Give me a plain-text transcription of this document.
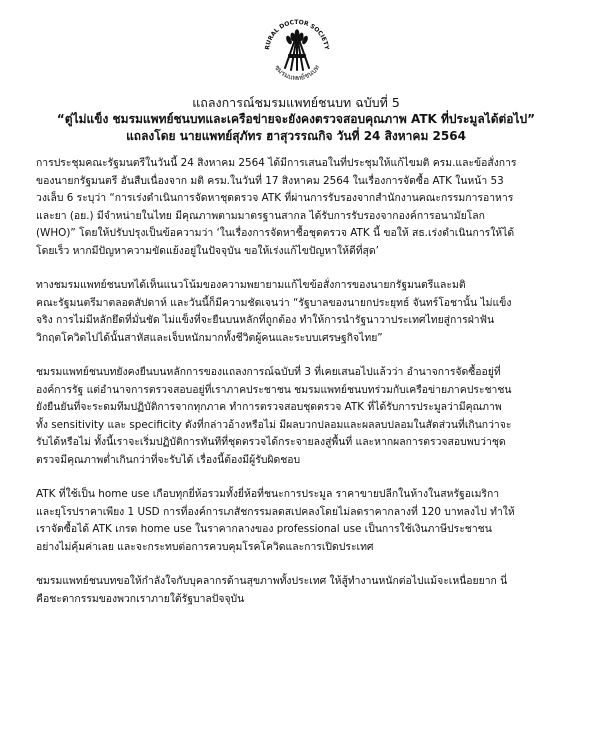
RURAL DOCTOR SOCIETY
ชมรมแพทย์ชนบท
แถลงการณ์ชมรมแพทย์ชนบท ฉบับที่ 5
“ตู่ไม่แข็ง ชมรมแพทย์ชนบทและเครือข่ายจะยังคงตรวจสอบคุณภาพ ATK ที่ประมูลได้ต่อไป”
แถลงโดย นายแพทย์สุภัทร ฮาสุวรรณกิจ วันที่ 24 สิงหาคม 2564

การประชุมคณะรัฐมนตรีในวันนี้ 24 สิงหาคม 2564 ได้มีการเสนอในที่ประชุมให้แก้ไขมติ ครม.และข้อสั่งการ
ของนายกรัฐมนตรี อันสืบเนื่องจาก มติ ครม.ในวันที่ 17 สิงหาคม 2564 ในเรื่องการจัดซื้อ ATK ในหน้า 53
วงเล็บ 6 ระบุว่า “การเร่งดำเนินการจัดหาชุดตรวจ ATK ที่ผ่านการรับรองจากสำนักงานคณะกรรมการอาหาร
และยา (อย.) มีจำหน่ายในไทย มีคุณภาพตามมาตรฐานสากล ได้รับการรับรองจากองค์การอนามัยโลก
(WHO)” โดยให้ปรับปรุงเป็นข้อความว่า ‘ในเรื่องการจัดหาชื้อชุดตรวจ ATK นี้ ขอให้ สธ.เร่งดำเนินการให้ได้
โดยเร็ว หากมีปัญหาความขัดแย้งอยู่ในปัจจุบัน ขอให้เร่งแก้ไขปัญหาให้ดีที่สุด’

ทางชมรมแพทย์ชนบทได้เห็นแนวโน้มของความพยายามแก้ไขข้อสั่งการของนายกรัฐมนตรีและมติ
คณะรัฐมนตรีมาตลอดสัปดาห์ และวันนี้ก็มีความชัดเจนว่า “รัฐบาลของนายกประยุทธ์ จันทร์โอชานั้น ไม่แข็ง
จริง การไม่มีหลักยึดที่มั่นชัด ไม่แข็งที่จะยืนบนหลักที่ถูกต้อง ทำให้การนำรัฐนาวาประเทศไทยสู่การฝ่าฟัน
วิกฤตโควิดไปได้นั้นสาหัสและเจ็บหนักมากทั้งชีวิตผู้คนและระบบเศรษฐกิจไทย”

ชมรมแพทย์ชนบทยังคงยืนบนหลักการของแถลงการณ์ฉบับที่ 3 ที่เคยเสนอไปแล้วว่า อำนาจการจัดซื้ออยู่ที่
องค์การรัฐ แต่อำนาจการตรวจสอบอยู่ที่เราภาคประชาชน ชมรมแพทย์ชนบทร่วมกับเครือข่ายภาคประชาชน
ยังยืนยันที่จะระดมทีมปฏิบัติการจากทุกภาค ทำการตรวจสอบชุดตรวจ ATK ที่ได้รับการประมูลว่ามีคุณภาพ
ทั้ง sensitivity และ specificity ดังที่กล่าวอ้างหรือไม่ มีผลบวกปลอมและผลลบปลอมในสัดส่วนที่เกินกว่าจะ
รับได้หรือไม่ ทั้งนี้เราจะเริ่มปฏิบัติการทันทีที่ชุดตรวจได้กระจายลงสู่พื้นที่ และหากผลการตรวจสอบพบว่าชุด
ตรวจมีคุณภาพต่ำเกินกว่าที่จะรับได้ เรื่องนี้ต้องมีผู้รับผิดชอบ

ATK ที่ใช้เป็น home use เกือบทุกยี่ห้อรวมทั้งยี่ห้อที่ชนะการประมูล ราคาขายปลีกในห้างในสหรัฐอเมริกา
และยุโรปราคาเพียง 1 USD การที่องค์การเภสัชกรรมลดสเปคลงโดยไม่ลดราคากลางที่ 120 บาทลงไป ทำให้
เราจัดซื้อได้ ATK เกรด home use ในราคากลางของ professional use เป็นการใช้เงินภาษีประชาชน
อย่างไม่คุ้มค่าเลย และจะกระทบต่อการควบคุมโรคโควิดและการเปิดประเทศ

ชมรมแพทย์ชนบทขอให้กำลังใจกับบุคลากรด้านสุขภาพทั้งประเทศ ให้สู้ทำงานหนักต่อไปแม้จะเหนื่อยยาก นี่
คือชะตากรรมของพวกเราภายใต้รัฐบาลปัจจุบัน
